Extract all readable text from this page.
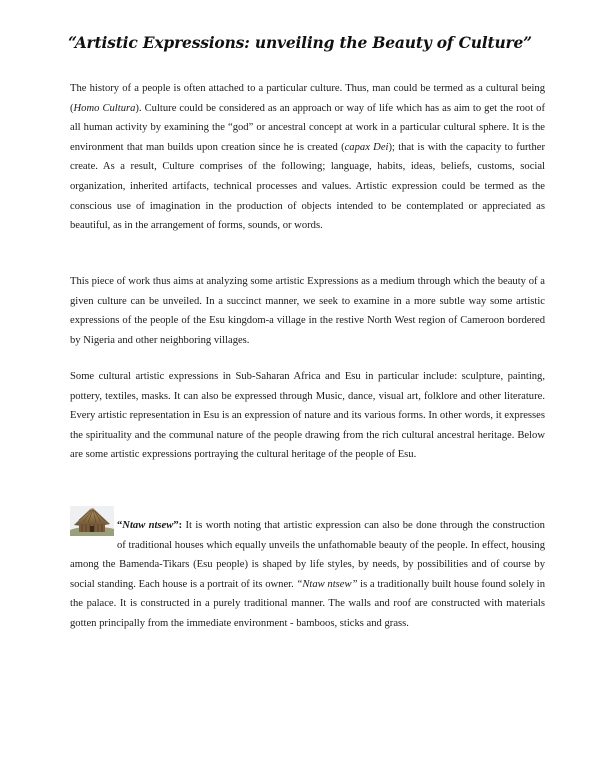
“Artistic Expressions: unveiling the Beauty of Culture”

The history of a people is often attached to a particular culture. Thus, man could be termed as a cultural being (Homo Cultura). Culture could be considered as an approach or way of life which has as aim to get the root of all human activity by examining the “god” or ancestral concept at work in a particular cultural sphere. It is the environment that man builds upon creation since he is created (capax Dei); that is with the capacity to further create. As a result, Culture comprises of the following; language, habits, ideas, beliefs, customs, social organization, inherited artifacts, technical processes and values. Artistic expression could be termed as the conscious use of imagination in the production of objects intended to be contemplated or appreciated as beautiful, as in the arrangement of forms, sounds, or words.

This piece of work thus aims at analyzing some artistic Expressions as a medium through which the beauty of a given culture can be unveiled. In a succinct manner, we seek to examine in a more subtle way some artistic expressions of the people of the Esu kingdom-a village in the restive North West region of Cameroon bordered by Nigeria and other neighboring villages.

Some cultural artistic expressions in Sub-Saharan Africa and Esu in particular include: sculpture, painting, pottery, textiles, masks. It can also be expressed through Music, dance, visual art, folklore and other literature. Every artistic representation in Esu is an expression of nature and its various forms. In other words, it expresses the spirituality and the communal nature of the people drawing from the rich cultural ancestral heritage. Below are some artistic expressions portraying the cultural heritage of the people of Esu.

“Ntaw ntsew”: It is worth noting that artistic expression can also be done through the construction of traditional houses which equally unveils the unfathomable beauty of the people. In effect, housing among the Bamenda-Tikars (Esu people) is shaped by life styles, by needs, by possibilities and of course by social standing. Each house is a portrait of its owner. “Ntaw ntsew” is a traditionally built house found solely in the palace. It is constructed in a purely traditional manner. The walls and roof are constructed with materials gotten principally from the immediate environment - bamboos, sticks and grass.
